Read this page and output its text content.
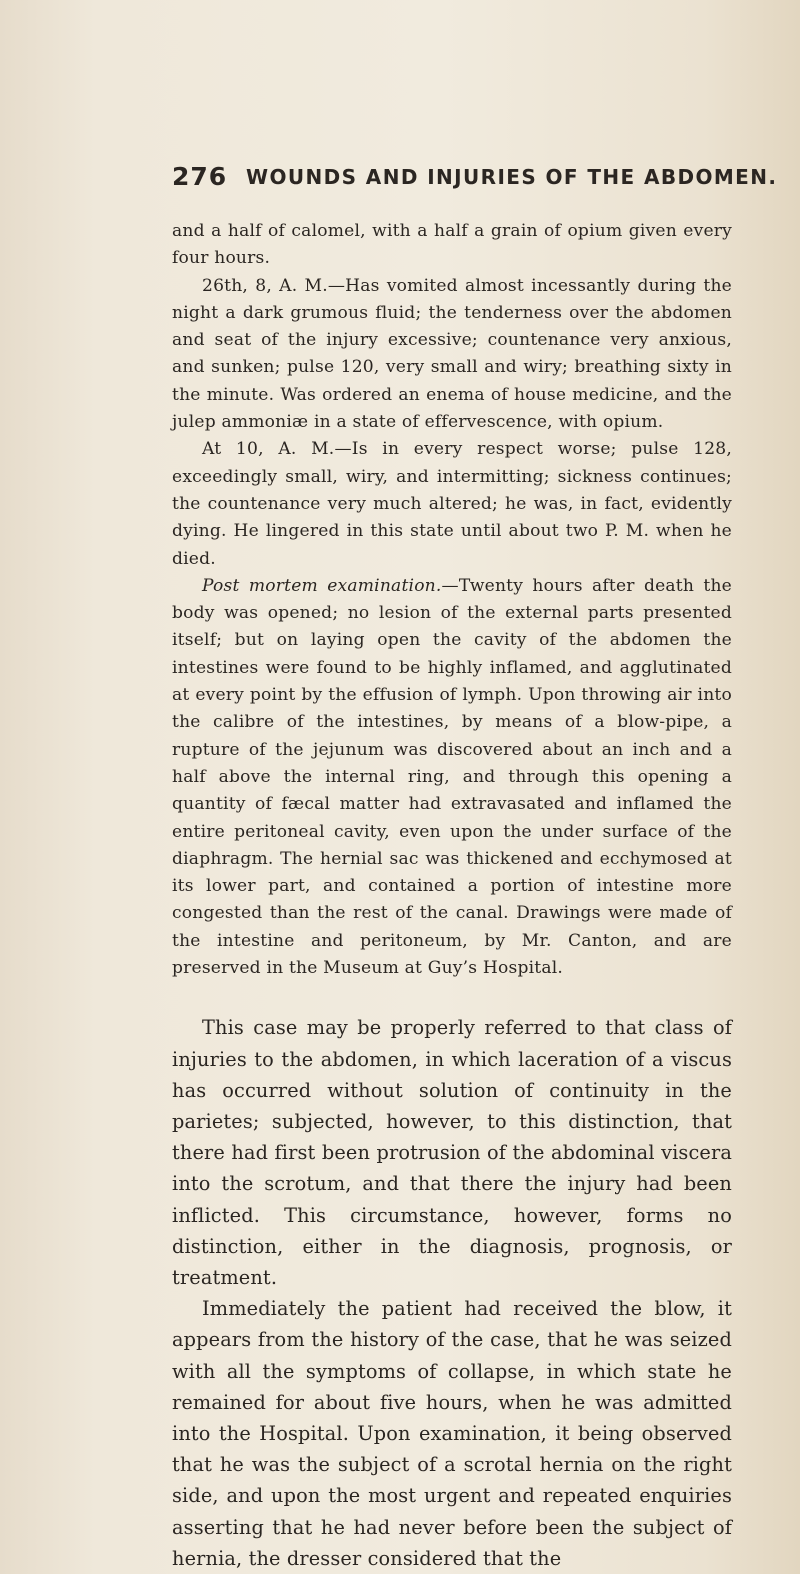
276 WOUNDS AND INJURIES OF THE ABDOMEN.

and a half of calomel, with a half a grain of opium given every four hours.

26th, 8, A. M.—Has vomited almost incessantly during the night a dark grumous fluid; the tenderness over the abdomen and seat of the injury excessive; countenance very anxious, and sunken; pulse 120, very small and wiry; breathing sixty in the minute. Was ordered an enema of house medicine, and the julep ammoniæ in a state of effervescence, with opium.

At 10, A. M.—Is in every respect worse; pulse 128, exceedingly small, wiry, and intermitting; sickness continues; the countenance very much altered; he was, in fact, evidently dying. He lingered in this state until about two P. M. when he died.

Post mortem examination.—Twenty hours after death the body was opened; no lesion of the external parts presented itself; but on laying open the cavity of the abdomen the intestines were found to be highly inflamed, and agglutinated at every point by the effusion of lymph. Upon throwing air into the calibre of the intestines, by means of a blow-pipe, a rupture of the jejunum was discovered about an inch and a half above the internal ring, and through this opening a quantity of fæcal matter had extravasated and inflamed the entire peritoneal cavity, even upon the under surface of the diaphragm. The hernial sac was thickened and ecchymosed at its lower part, and contained a portion of intestine more congested than the rest of the canal. Drawings were made of the intestine and peritoneum, by Mr. Canton, and are preserved in the Museum at Guy’s Hospital.

This case may be properly referred to that class of injuries to the abdomen, in which laceration of a viscus has occurred without solution of continuity in the parietes; subjected, however, to this distinction, that there had first been protrusion of the abdominal viscera into the scrotum, and that there the injury had been inflicted. This circumstance, however, forms no distinction, either in the diagnosis, prognosis, or treatment.

Immediately the patient had received the blow, it appears from the history of the case, that he was seized with all the symptoms of collapse, in which state he remained for about five hours, when he was admitted into the Hospital. Upon examination, it being observed that he was the subject of a scrotal hernia on the right side, and upon the most urgent and repeated enquiries asserting that he had never before been the subject of hernia, the dresser considered that the
